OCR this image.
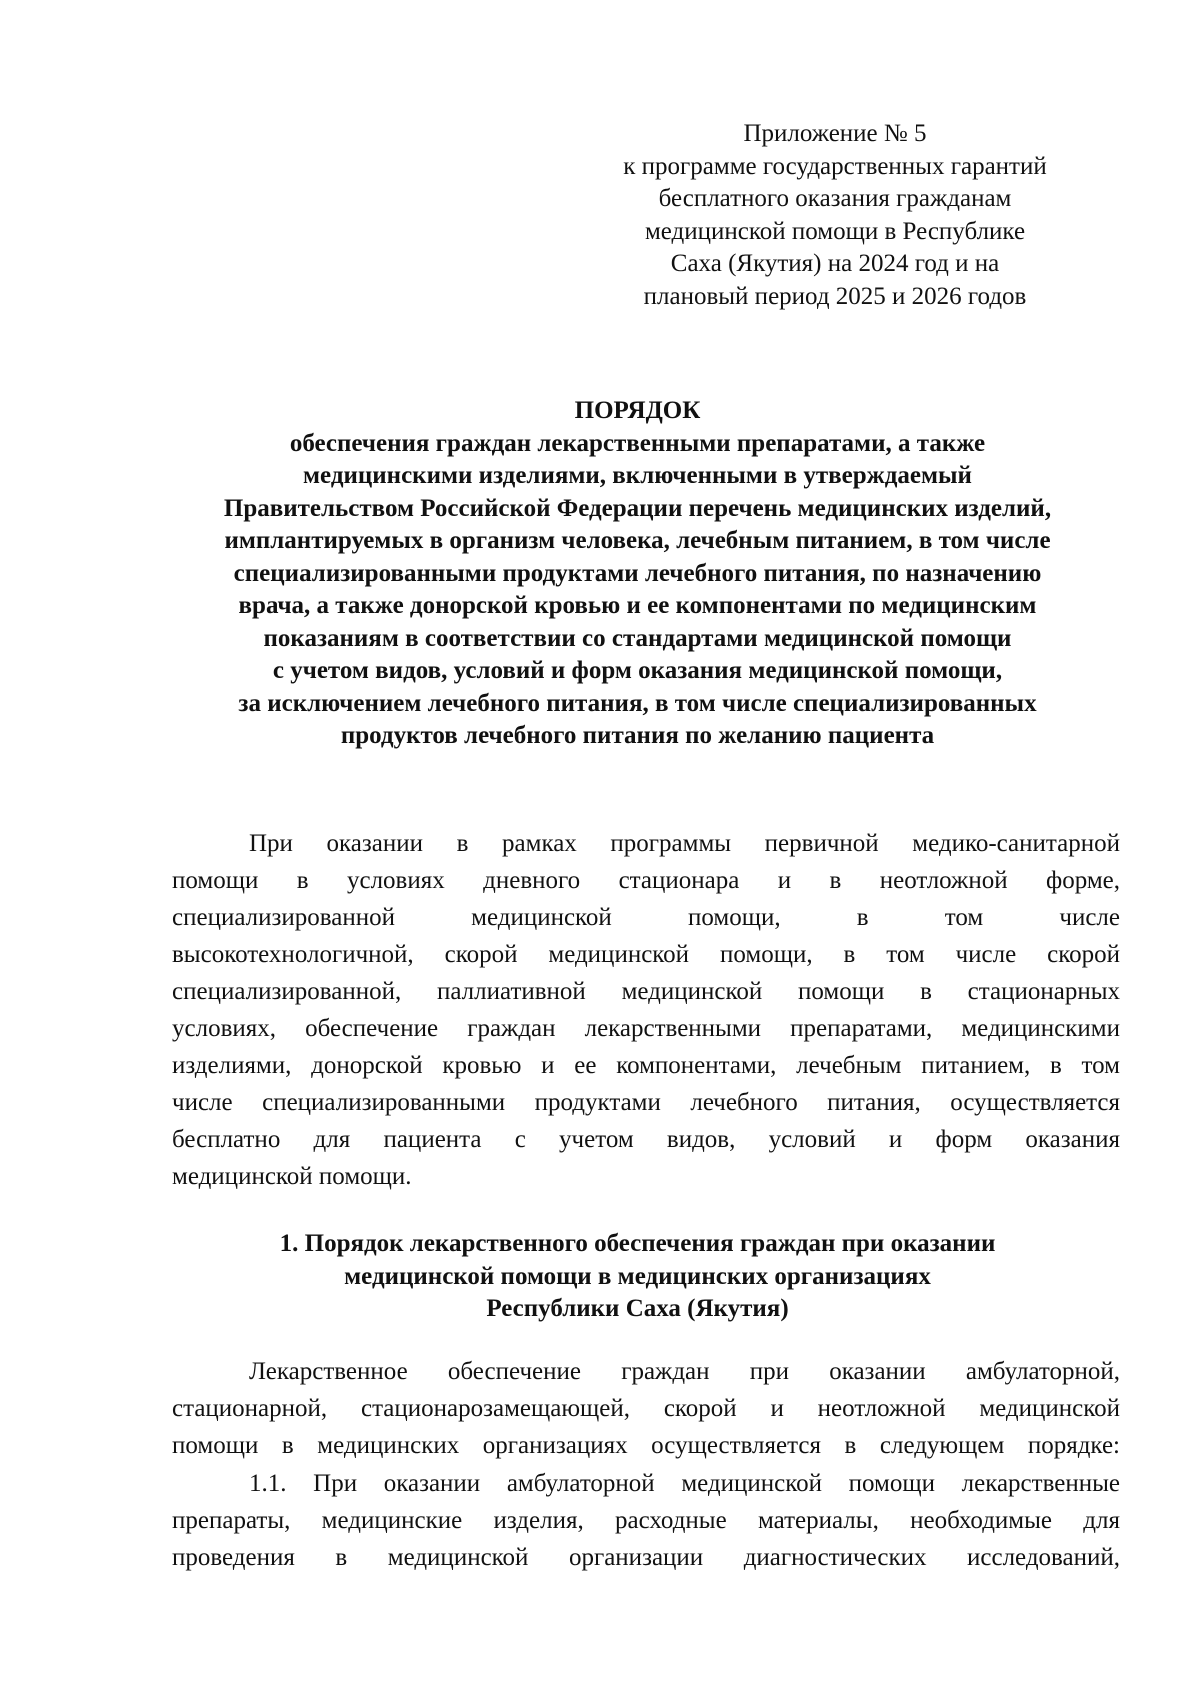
Приложение № 5
к программе государственных гарантий
бесплатного оказания гражданам
медицинской помощи в Республике
Саха (Якутия) на 2024 год и на
плановый период 2025 и 2026 годов
ПОРЯДОК
обеспечения граждан лекарственными препаратами, а также
медицинскими изделиями, включенными в утверждаемый
Правительством Российской Федерации перечень медицинских изделий,
имплантируемых в организм человека, лечебным питанием, в том числе
специализированными продуктами лечебного питания, по назначению
врача, а также донорской кровью и ее компонентами по медицинским
показаниям в соответствии со стандартами медицинской помощи
с учетом видов, условий и форм оказания медицинской помощи,
за исключением лечебного питания, в том числе специализированных
продуктов лечебного питания по желанию пациента
При оказании в рамках программы первичной медико-санитарной
помощи в условиях дневного стационара и в неотложной форме,
специализированной медицинской помощи, в том числе
высокотехнологичной, скорой медицинской помощи, в том числе скорой
специализированной, паллиативной медицинской помощи в стационарных
условиях, обеспечение граждан лекарственными препаратами, медицинскими
изделиями, донорской кровью и ее компонентами, лечебным питанием, в том
числе специализированными продуктами лечебного питания, осуществляется
бесплатно для пациента с учетом видов, условий и форм оказания
медицинской помощи.
1. Порядок лекарственного обеспечения граждан при оказании
медицинской помощи в медицинских организациях
Республики Саха (Якутия)
Лекарственное обеспечение граждан при оказании амбулаторной,
стационарной, стационарозамещающей, скорой и неотложной медицинской
помощи в медицинских организациях осуществляется в следующем порядке:
1.1. При оказании амбулаторной медицинской помощи лекарственные
препараты, медицинские изделия, расходные материалы, необходимые для
проведения в медицинской организации диагностических исследований,
